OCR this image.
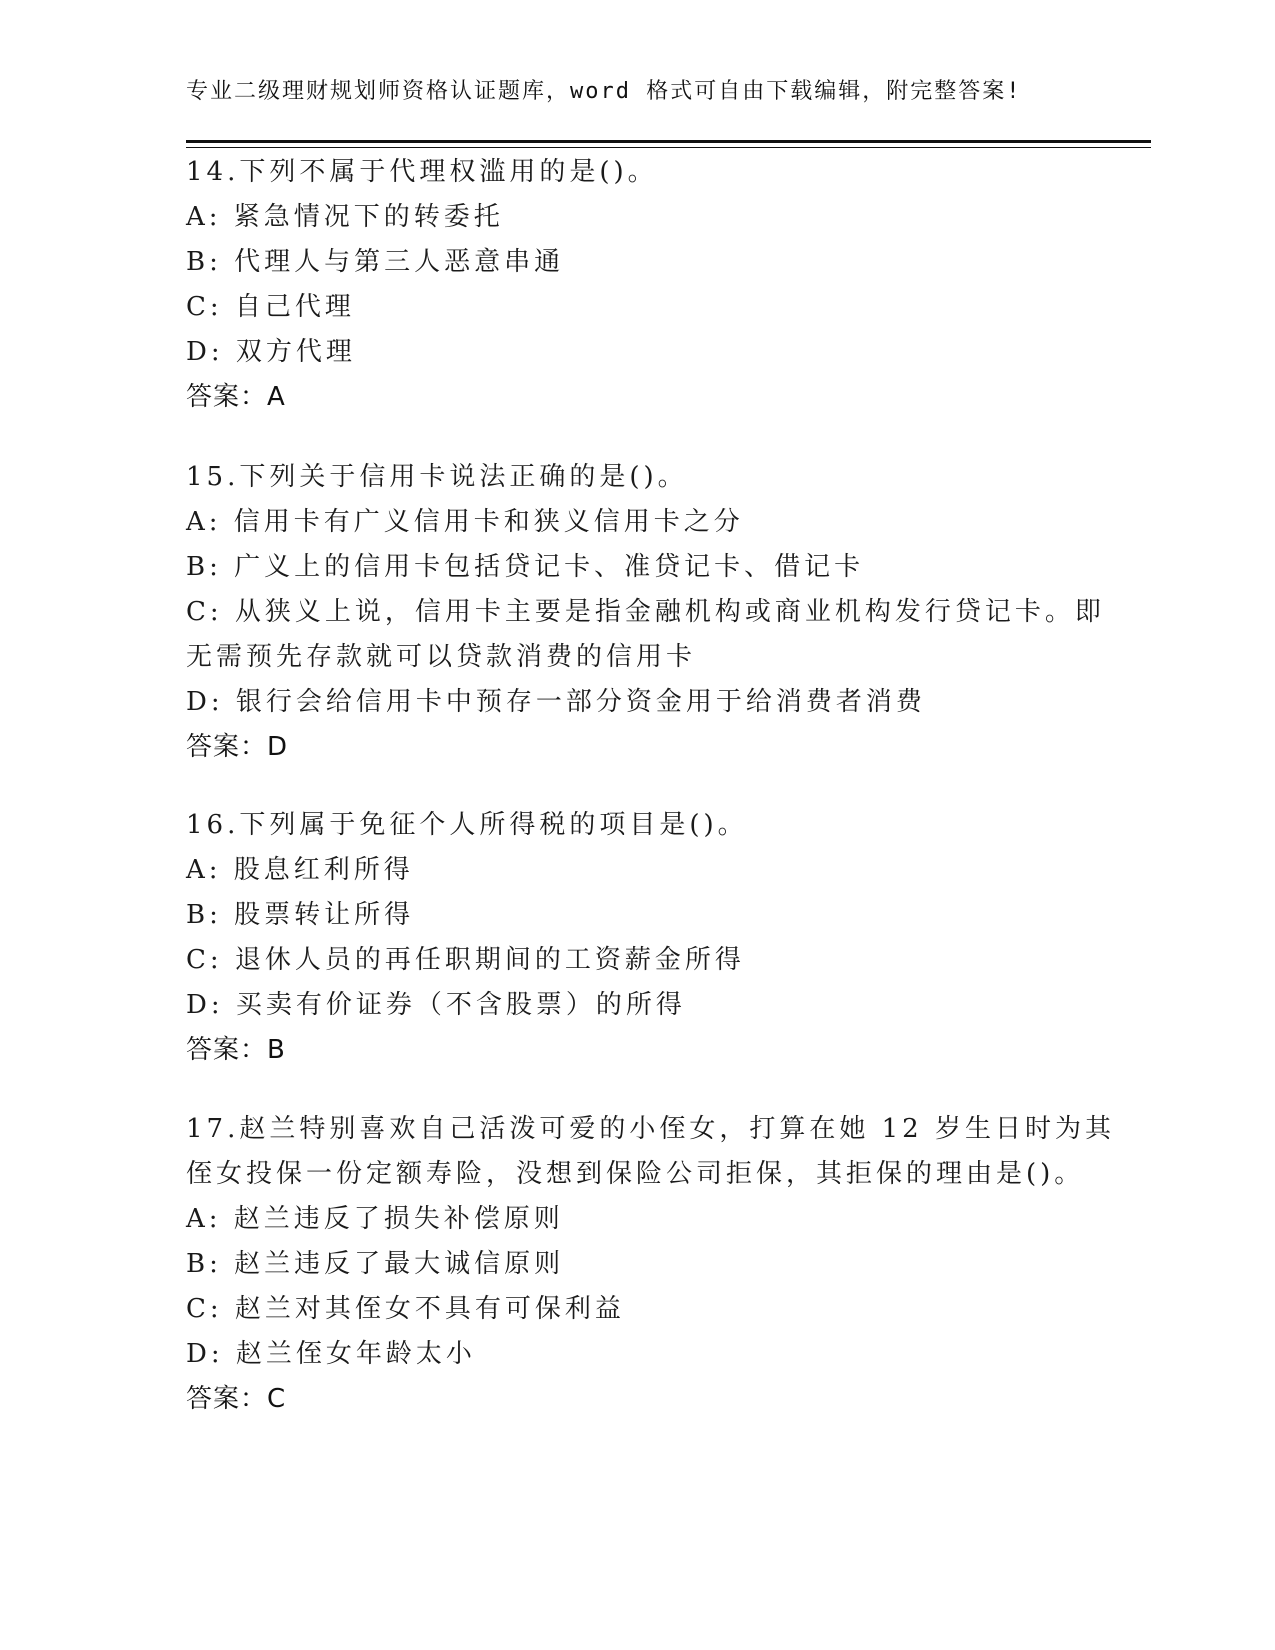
专业二级理财规划师资格认证题库，word 格式可自由下载编辑，附完整答案!
14.下列不属于代理权滥用的是()。
A: 紧急情况下的转委托
B: 代理人与第三人恶意串通
C: 自己代理
D: 双方代理
答案：A
15.下列关于信用卡说法正确的是()。
A: 信用卡有广义信用卡和狭义信用卡之分
B: 广义上的信用卡包括贷记卡、准贷记卡、借记卡
C: 从狭义上说，信用卡主要是指金融机构或商业机构发行贷记卡。即
无需预先存款就可以贷款消费的信用卡
D: 银行会给信用卡中预存一部分资金用于给消费者消费
答案：D
16.下列属于免征个人所得税的项目是()。
A: 股息红利所得
B: 股票转让所得
C: 退休人员的再任职期间的工资薪金所得
D: 买卖有价证券（不含股票）的所得
答案：B
17.赵兰特别喜欢自己活泼可爱的小侄女，打算在她 12 岁生日时为其
侄女投保一份定额寿险，没想到保险公司拒保，其拒保的理由是()。
A: 赵兰违反了损失补偿原则
B: 赵兰违反了最大诚信原则
C: 赵兰对其侄女不具有可保利益
D: 赵兰侄女年龄太小
答案：C
